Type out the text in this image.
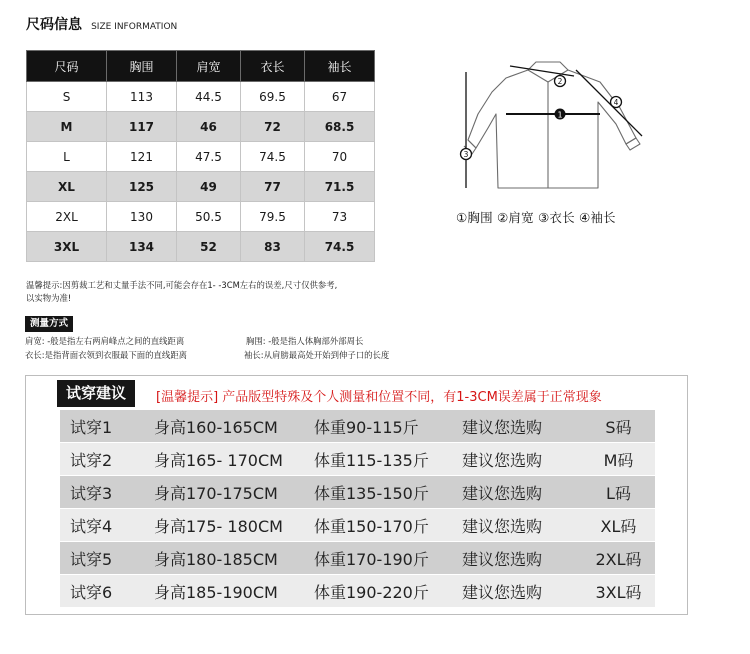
尺码信息 SIZE INFORMATION
尺码	胸围	肩宽	衣长	袖长
S	113	44.5	69.5	67
M	117	46	72	68.5
L	121	47.5	74.5	70
XL	125	49	77	71.5
2XL	130	50.5	79.5	73
3XL	134	52	83	74.5
1
2
3
4
①胸围 ②肩宽 ③衣长 ④袖长
温馨提示:因剪裁工艺和丈量手法不同,可能会存在1- -3CM左右的误差,尺寸仅供参考,
以实物为准!
测量方式
肩宽: -般是指左右两肩峰点之间的直线距离	胸围: -般是指人体胸部外部周长
衣长:是指背面衣领到衣服最下面的直线距离	袖长:从肩膀最高处开始到伸子口的长度
试穿建议	[温馨提示] 产品版型特殊及个人测量和位置不同，有1-3CM误差属于正常现象
试穿1	身高160-165CM	体重90-115斤	建议您选购	S码
试穿2	身高165- 170CM	体重115-135斤	建议您选购	M码
试穿3	身高170-175CM	体重135-150斤	建议您选购	L码
试穿4	身高175- 180CM	体重150-170斤	建议您选购	XL码
试穿5	身高180-185CM	体重170-190斤	建议您选购	2XL码
试穿6	身高185-190CM	体重190-220斤	建议您选购	3XL码
